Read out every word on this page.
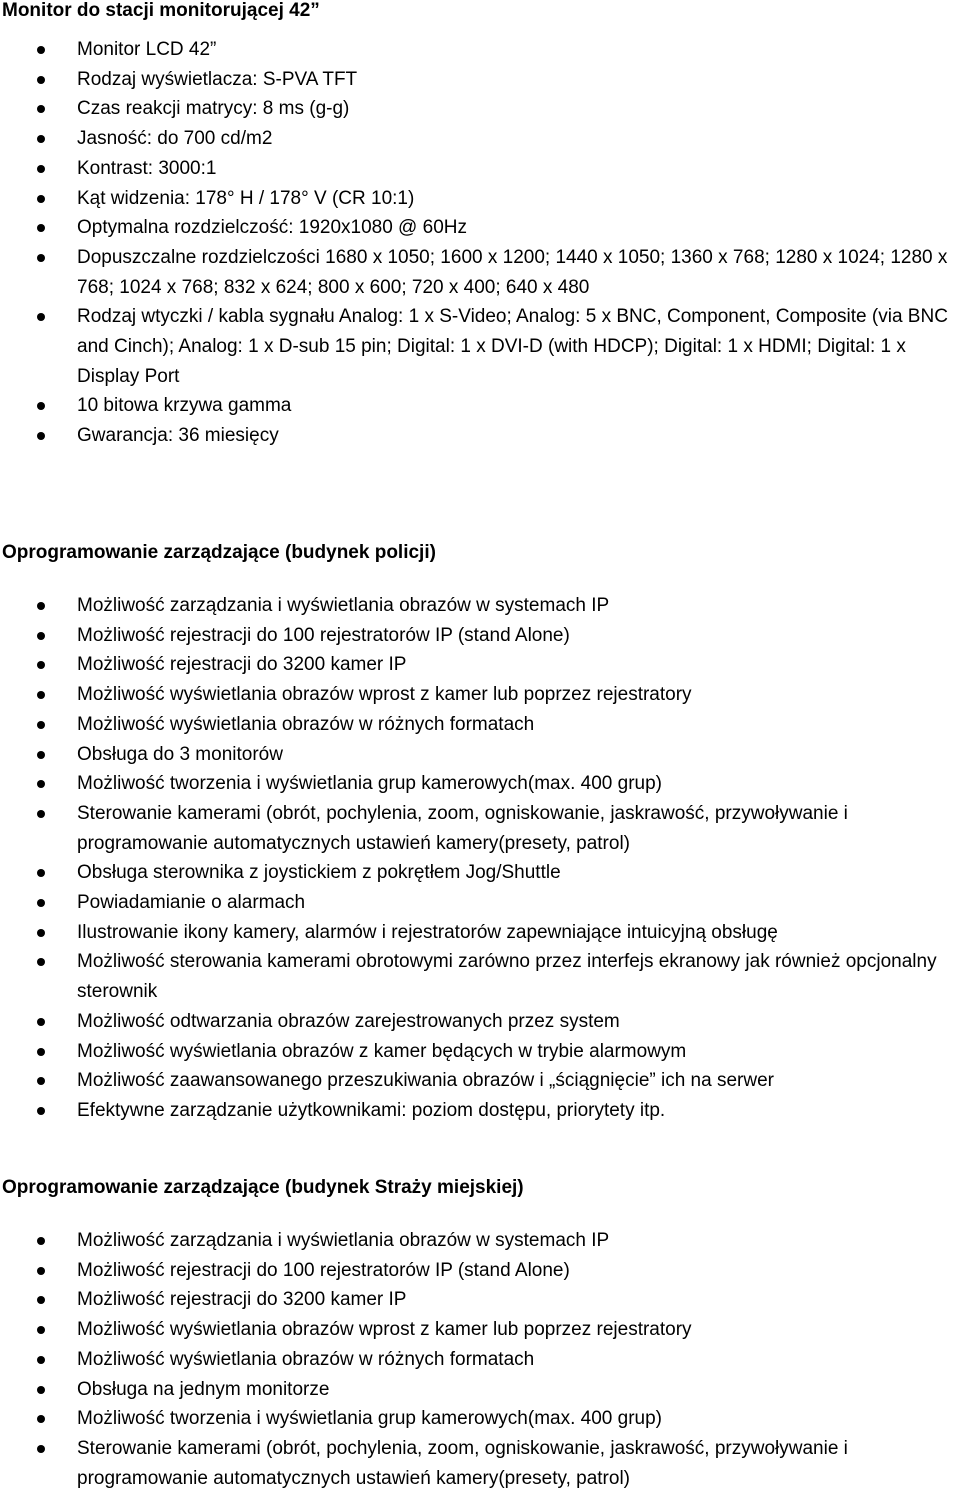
Monitor do stacji monitorującej 42”
Monitor LCD 42”
Rodzaj wyświetlacza: S-PVA TFT
Czas reakcji matrycy: 8 ms (g-g)
Jasność: do 700 cd/m2
Kontrast: 3000:1
Kąt widzenia: 178° H / 178° V (CR 10:1)
Optymalna rozdzielczość: 1920x1080 @ 60Hz
Dopuszczalne rozdzielczości 1680 x 1050; 1600 x 1200; 1440 x 1050; 1360 x 768; 1280 x 1024; 1280 x 768; 1024 x 768; 832 x 624; 800 x 600; 720 x 400; 640 x 480
Rodzaj wtyczki / kabla sygnału Analog: 1 x S-Video; Analog: 5 x BNC, Component, Composite (via BNC and Cinch); Analog: 1 x D-sub 15 pin; Digital: 1 x DVI-D (with HDCP); Digital: 1 x HDMI; Digital: 1 x Display Port
10 bitowa krzywa gamma
Gwarancja: 36 miesięcy
Oprogramowanie zarządzające (budynek policji)
Możliwość zarządzania i wyświetlania obrazów w systemach IP
Możliwość rejestracji do 100 rejestratorów IP (stand Alone)
Możliwość rejestracji do 3200 kamer IP
Możliwość wyświetlania obrazów wprost z kamer lub poprzez rejestratory
Możliwość wyświetlania obrazów w różnych formatach
Obsługa do 3 monitorów
Możliwość tworzenia i wyświetlania grup kamerowych(max. 400 grup)
Sterowanie kamerami (obrót, pochylenia, zoom, ogniskowanie, jaskrawość, przywoływanie i programowanie automatycznych ustawień kamery(presety, patrol)
Obsługa sterownika z joystickiem z pokrętłem Jog/Shuttle
Powiadamianie o alarmach
Ilustrowanie ikony kamery, alarmów i rejestratorów zapewniające intuicyjną obsługę
Możliwość sterowania kamerami obrotowymi zarówno przez interfejs ekranowy jak również opcjonalny sterownik
Możliwość odtwarzania obrazów zarejestrowanych przez system
Możliwość wyświetlania obrazów z kamer będących w trybie alarmowym
Możliwość zaawansowanego przeszukiwania obrazów i „ściągnięcie” ich na serwer
Efektywne zarządzanie użytkownikami: poziom dostępu, priorytety itp.
Oprogramowanie zarządzające (budynek Straży miejskiej)
Możliwość zarządzania i wyświetlania obrazów w systemach IP
Możliwość rejestracji do 100 rejestratorów IP (stand Alone)
Możliwość rejestracji do 3200 kamer IP
Możliwość wyświetlania obrazów wprost z kamer lub poprzez rejestratory
Możliwość wyświetlania obrazów w różnych formatach
Obsługa na jednym monitorze
Możliwość tworzenia i wyświetlania grup kamerowych(max. 400 grup)
Sterowanie kamerami (obrót, pochylenia, zoom, ogniskowanie, jaskrawość, przywoływanie i programowanie automatycznych ustawień kamery(presety, patrol)
